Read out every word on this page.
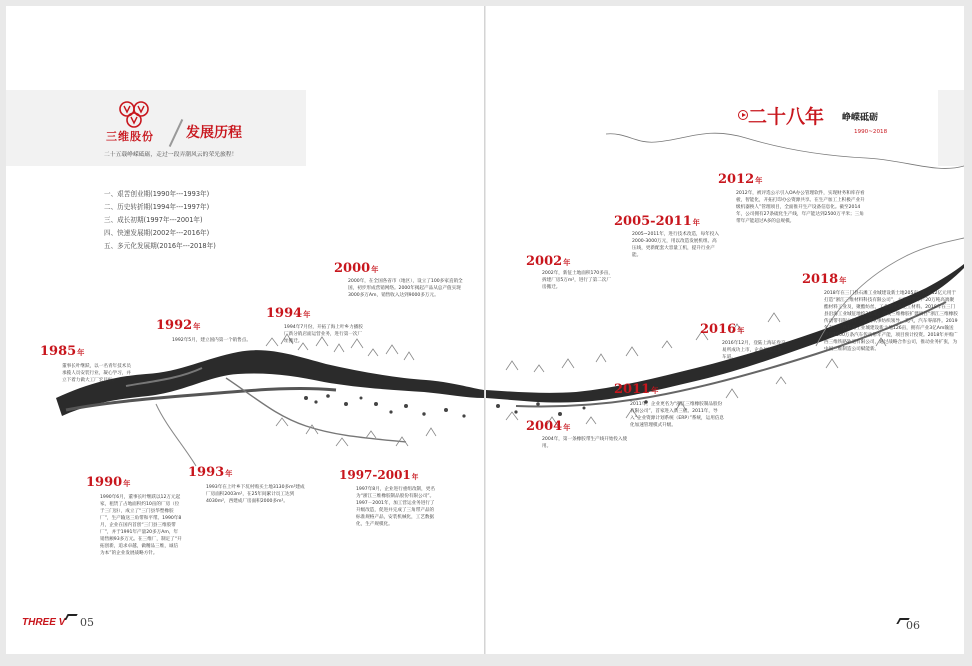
三维股份 发展历程
二十五载峥嵘砥砺，走过一段弄潮风云的荣光旅程！
一、艰苦创业期(1990年---1993年)
二、历史转折期(1994年---1997年)
三、成长初期(1997年---2001年)
四、快速发展期(2002年---2016年)
五、多元化发展期(2016年---2018年)
1985年
董事长叶继跃，以一名青年技术员承揽人员安装行业，凝心学习，并立下着力做大工厂宏目标。
1990年
1990年6月，董事长叶继跃以12万元起家，租赁了占地面积约10亩的厂房（位于三门县），成立了“三门县华塑橡胶厂”，生产输送三角带和平带。1990年8月，企业在国内首创“三门县三维胶带厂”，并于1991年产量20多万Am，年销售额93多万元。在三维厂，制定了“开拓创新，追求卓越，做精品三维，诚信为本”的企业发展战略方针。
1992年
1992年5月，建立国内第一个销售点。
1993年
1993年在上叶乡下坑村购买土地3130多m²建成厂房面积2003m²，在25年间累计员工达到4030m²，西建成厂房面积2000多m²。
1994年
1994年7月份，开拓了海上叶乡力播胶厂新分销店面运营业务，进行第一次厂址搬迁。
1997-2001年
1997年8月，企业进行重组改制，更名为“浙江三维橡胶制品股份有限公司”。1997－2001年，加工营运业务进行了升级改造，促进并完成了三角带产品的标准规格产品，安装机械化，工艺数据化，生产规模化。
2000年
2000年，在全国各省市（地区），设立了100多家直销全国，初步形成营销网络。2000年揭起产品从总产值实现3000多万Am，销售收入达到9000多万元。
THREE V 05
二十八年 峥嵘砥砺
1990~2018
2002年
2002年，新征土地面积170多亩，拆建厂房5万m²，进行了第二次厂房搬迁。
2004年
2004年，第一条橡胶带生产线开始投入使用。
2005-2011年
2005~2011年，进行技术改造，每年投入2000-3000万元，用以改造发展机组、高压线，更新配套大容量工机，提升行业产能。
2011年
2011年，企业更名为“浙江三维橡胶制品股份有限公司”，首家进入新三板。2011年，导入“企业资源计划系统（ERP）”系统，运用信息化加速管理模式升级。
2012年
2012年，被评选公示引入OA办公管理软件，实现财务和库存看板，智能化，开拓打印办公资源共享。在生产加工上积极产业升级机器换人”管理项目，全面推开生产设备信息化。截至2014年，公司拥有27条硫化生产线，年产能达到2500万平米；三角带年产能超过A多的总规模。
2016年
2016年12月，登陆上海证券交易所成功上市，企业加速上快车道。
2018年
2018年在三门县石滩工业城建设新土地205亩，投资12亿元用于打造“浙江三维材料科技有限公司”，主要经营年产20万吨高端聚酯材料工业及，聚酯纺丝，工业用先进化工材料。2018年在三门县沿海工业城征地约3亿元，完成三维橡胶扩建项目“浙江三维橡胶传动带有限公司”，主要从事纺织领导、美汽，汽车零部件。2019年在三门县石滩工业城建设新土地126亩，拥有产业3亿Am输送带和1500万条汽车传动带年产能，项目预计投资。2018年并购广西三维铁路轨道有限公司，通过战略合作公司，推动业务扩张，为中国三维制造公司赋能新。
06
